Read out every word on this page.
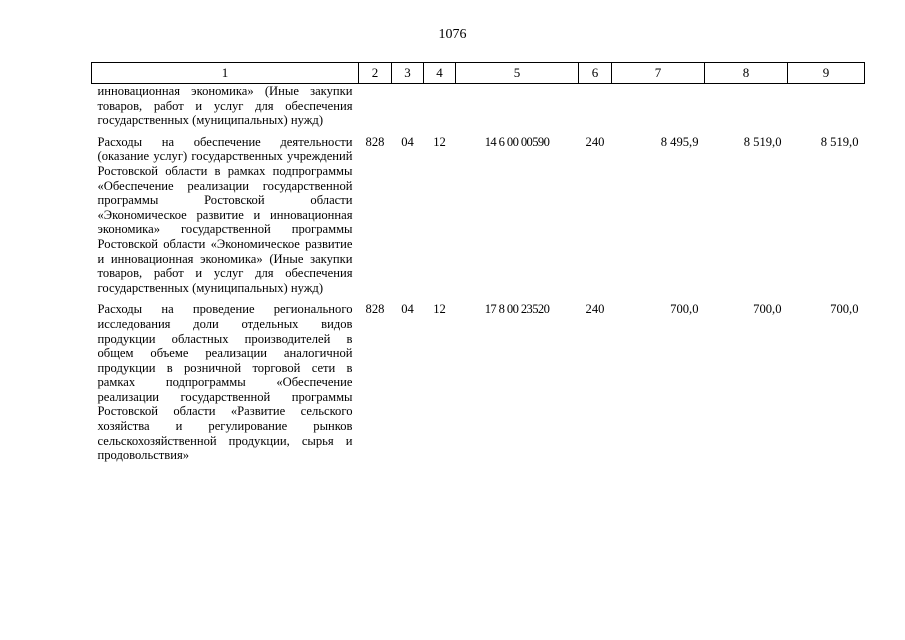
1076
1	2	3	4	5	6	7	8	9
инновационная экономика» (Иные закупки товаров, работ и услуг для обеспечения государственных (муниципальных) нужд)								
Расходы на обеспечение деятельности (оказание услуг) государственных учреждений Ростовской области в рамках подпрограммы «Обеспечение реализации государственной программы Ростовской области «Экономическое развитие и инновационная экономика» государственной программы Ростовской области «Экономическое развитие и инновационная экономика» (Иные закупки товаров, работ и услуг для обеспечения государственных (муниципальных) нужд)	828	04	12	14 6 00 00590	240	8 495,9	8 519,0	8 519,0
Расходы на проведение регионального исследования доли отдельных видов продукции областных производителей в общем объеме реализации аналогичной продукции в розничной торговой сети в рамках подпрограммы «Обеспечение реализации государственной программы Ростовской области «Развитие сельского хозяйства и регулирование рынков сельскохозяйственной продукции, сырья и продовольствия»	828	04	12	17 8 00 23520	240	700,0	700,0	700,0
